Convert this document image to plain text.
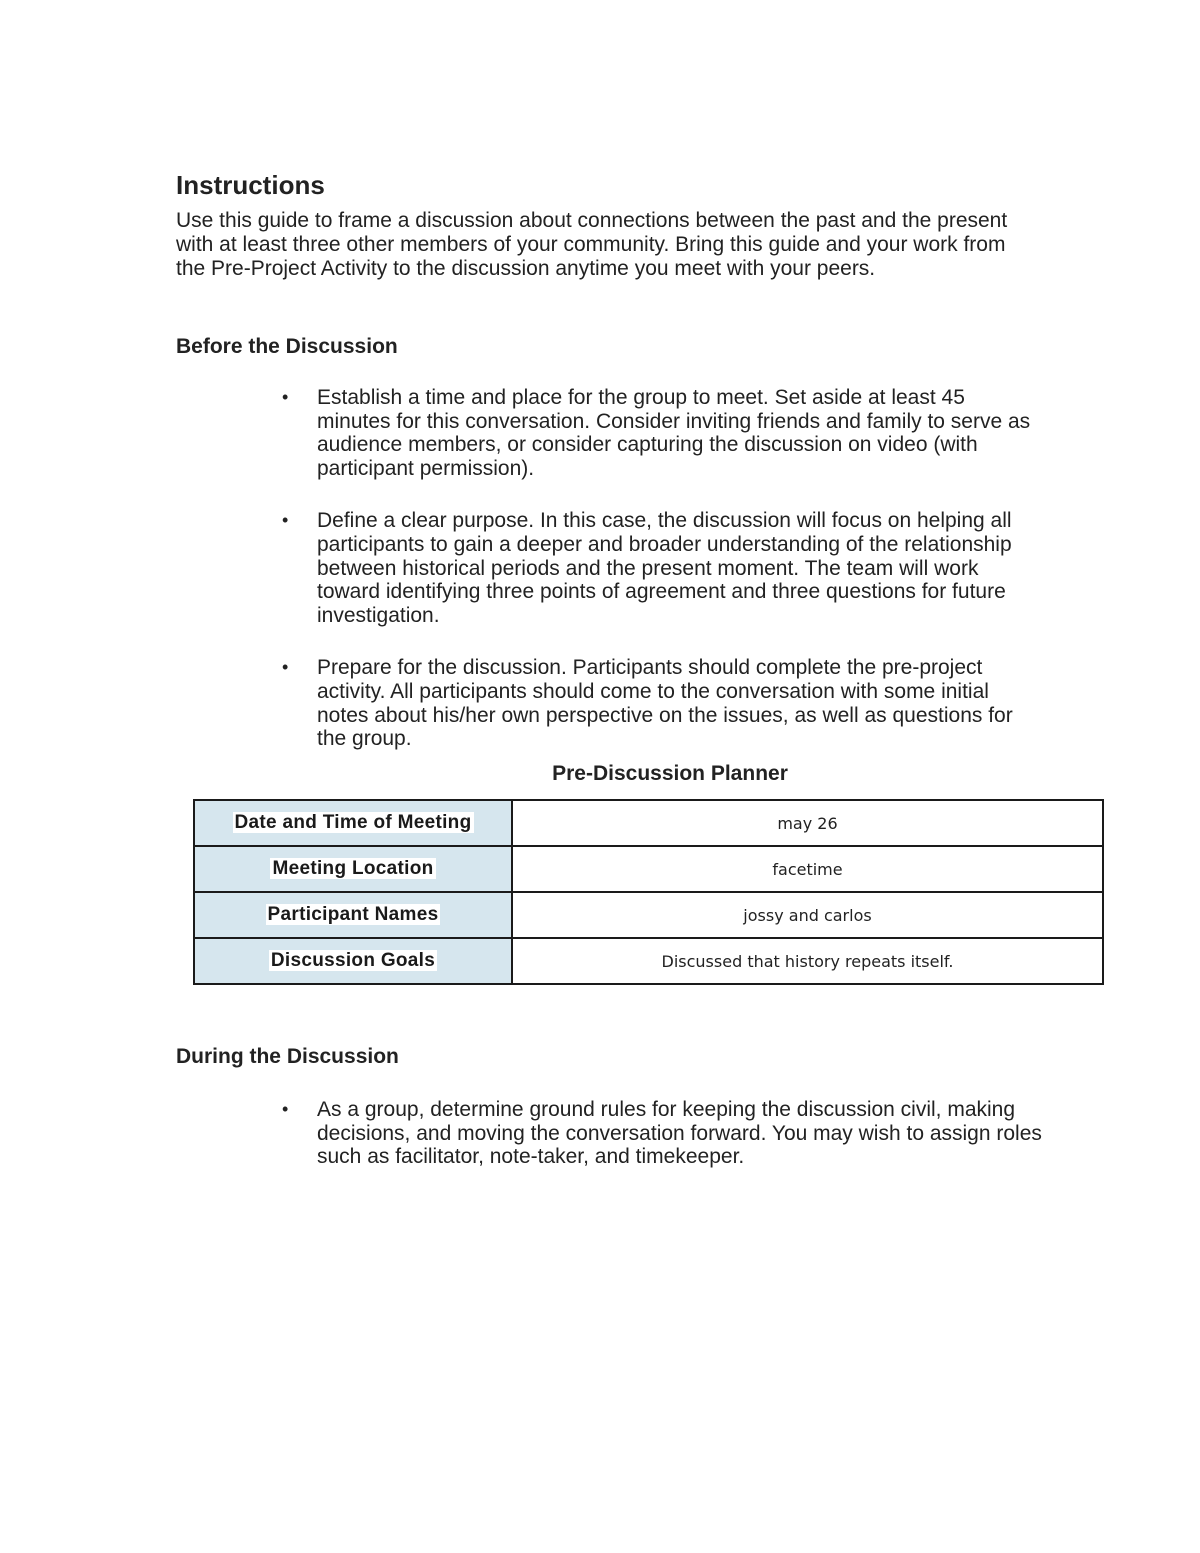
Instructions

Use this guide to frame a discussion about connections between the past and the present with at least three other members of your community. Bring this guide and your work from the Pre-Project Activity to the discussion anytime you meet with your peers.

Before the Discussion
• Establish a time and place for the group to meet. Set aside at least 45 minutes for this conversation. Consider inviting friends and family to serve as audience members, or consider capturing the discussion on video (with participant permission).
• Define a clear purpose. In this case, the discussion will focus on helping all participants to gain a deeper and broader understanding of the relationship between historical periods and the present moment. The team will work toward identifying three points of agreement and three questions for future investigation.
• Prepare for the discussion. Participants should complete the pre-project activity. All participants should come to the conversation with some initial notes about his/her own perspective on the issues, as well as questions for the group.
Pre-Discussion Planner
Date and Time of Meeting	may 26
Meeting Location	facetime
Participant Names	jossy and carlos
Discussion Goals	Discussed that history repeats itself.
During the Discussion
• As a group, determine ground rules for keeping the discussion civil, making decisions, and moving the conversation forward. You may wish to assign roles such as facilitator, note-taker, and timekeeper.
